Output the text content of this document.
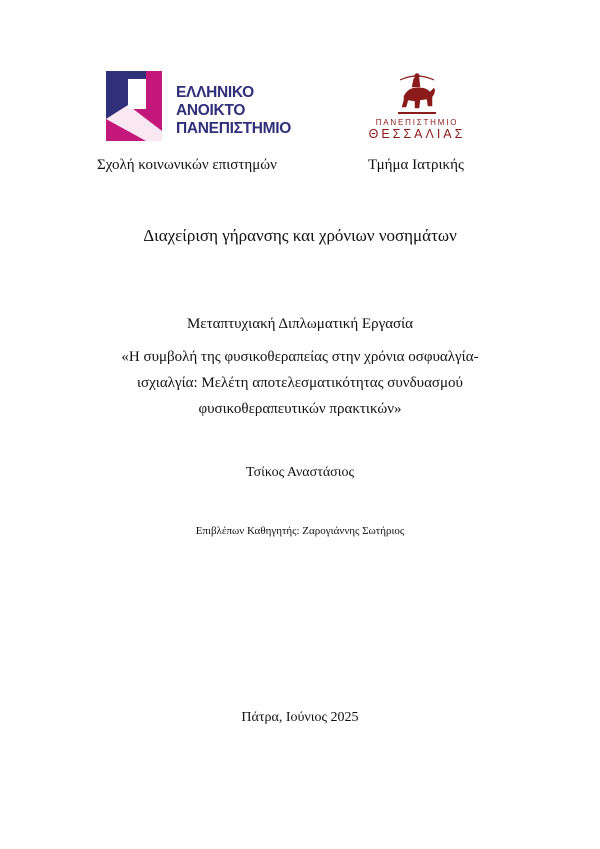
ΕΛΛΗΝΙΚΟ
ΑΝΟΙΚΤΟ
ΠΑΝΕΠΙΣΤΗΜΙΟ	ΠΑΝΕΠΙΣΤΗΜΙΟ
ΘΕΣΣΑΛΙΑΣ
Σχολή κοινωνικών επιστημών	Τμήμα Ιατρικής
Διαχείριση γήρανσης και χρόνιων νοσημάτων
Μεταπτυχιακή Διπλωματική Εργασία
«Η συμβολή της φυσικοθεραπείας στην χρόνια οσφυαλγία-
ισχιαλγία: Μελέτη αποτελεσματικότητας συνδυασμού
φυσικοθεραπευτικών πρακτικών»
Τσίκος Αναστάσιος
Επιβλέπων Καθηγητής: Ζαρογιάννης Σωτήριος
Πάτρα, Ιούνιος 2025
